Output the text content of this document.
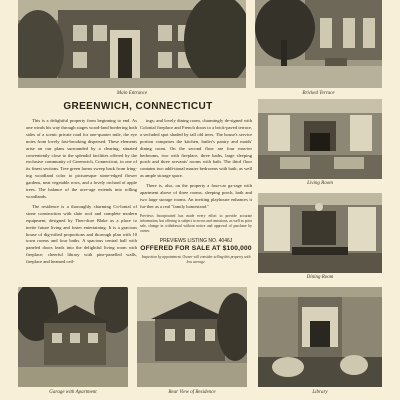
Main Entrance	Bricked Terrace
GREENWICH, CONNECTICUT

This is a delightful property from beginning to end. As one winds his way through stages wood-land bordering both sides of a scenic private road for one-quarter mile, the eye notes from lovely fast-brooking dispersed. These elements arise on our plans surrounded by a clearing, situated conveniently close to the splendid facilities offered by the exclusive community of Greenwich, Connecticut, in one of its finest sections. Tree green lawns sweep back from fring-ing woodland color to picturesque stone-edged flower gardens, neat vegetable rows, and a lovely orchard of apple trees. The balance of the acre-age extends into rolling woodlands.

The residence is a thoroughly charming Co-lonial of stone construction with slate roof and complete modern equipment, designed by Theo-dore Blake as a place to invite future living and foster entertaining. It is a gracious house of dig-nified proportions and thorough plan with 10 town rooms and four baths. A spacious central hall with paneled doors leads into the delightful living room with fireplace; cheerful library with pine-panelled walls, fireplace and beamed ceil-

ings; and lovely dining room, charmingly de-signed with Colonial fireplace and French doors to a brick-paved terrace, a secluded spot shaded by tall old trees. The house's service portion comprises the kitchen, butler's pantry and maids' dining room. On the second floor are four mas-ter bedrooms, two with fireplace, three baths, large sleeping porch and three servants' rooms with bath. The third floor contains two addi-tional master bedrooms with bath, as well as ample storage space.

There is, also, on the property a four-car ga-rage with apartment above of three rooms, sleeping porch, bath and two large storage rooms. An inviting playhouse enhances it fur-ther as a real "family homestead."

Previews Incorporated has made every effort to provide accurate information, but offering is subject to errors and omissions, as well as prior sale, change in withdrawal without notice and approval of purchase by owner.
PREVIEWS LISTING NO. 4046J
OFFERED FOR SALE AT $100,000
Inspection by appointment. Owner will consider selling this property with less acreage.
Living Room
Dining Room
Garage with Apartment	Rear View of Residence	Library
